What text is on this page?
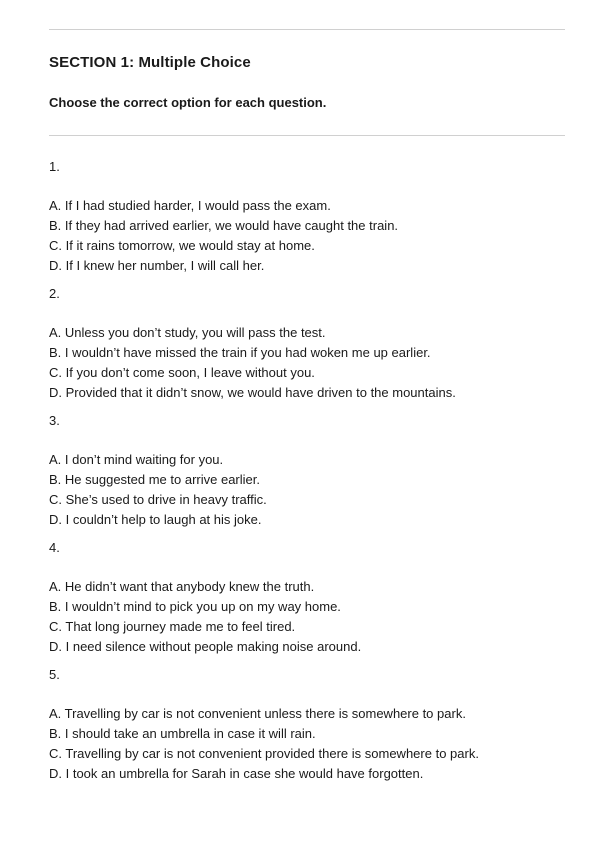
SECTION 1: Multiple Choice
Choose the correct option for each question.
1.
A. If I had studied harder, I would pass the exam.
B. If they had arrived earlier, we would have caught the train.
C. If it rains tomorrow, we would stay at home.
D. If I knew her number, I will call her.
2.
A. Unless you don’t study, you will pass the test.
B. I wouldn’t have missed the train if you had woken me up earlier.
C. If you don’t come soon, I leave without you.
D. Provided that it didn’t snow, we would have driven to the mountains.
3.
A. I don’t mind waiting for you.
B. He suggested me to arrive earlier.
C. She’s used to drive in heavy traffic.
D. I couldn’t help to laugh at his joke.
4.
A. He didn’t want that anybody knew the truth.
B. I wouldn’t mind to pick you up on my way home.
C. That long journey made me to feel tired.
D. I need silence without people making noise around.
5.
A. Travelling by car is not convenient unless there is somewhere to park.
B. I should take an umbrella in case it will rain.
C. Travelling by car is not convenient provided there is somewhere to park.
D. I took an umbrella for Sarah in case she would have forgotten.
